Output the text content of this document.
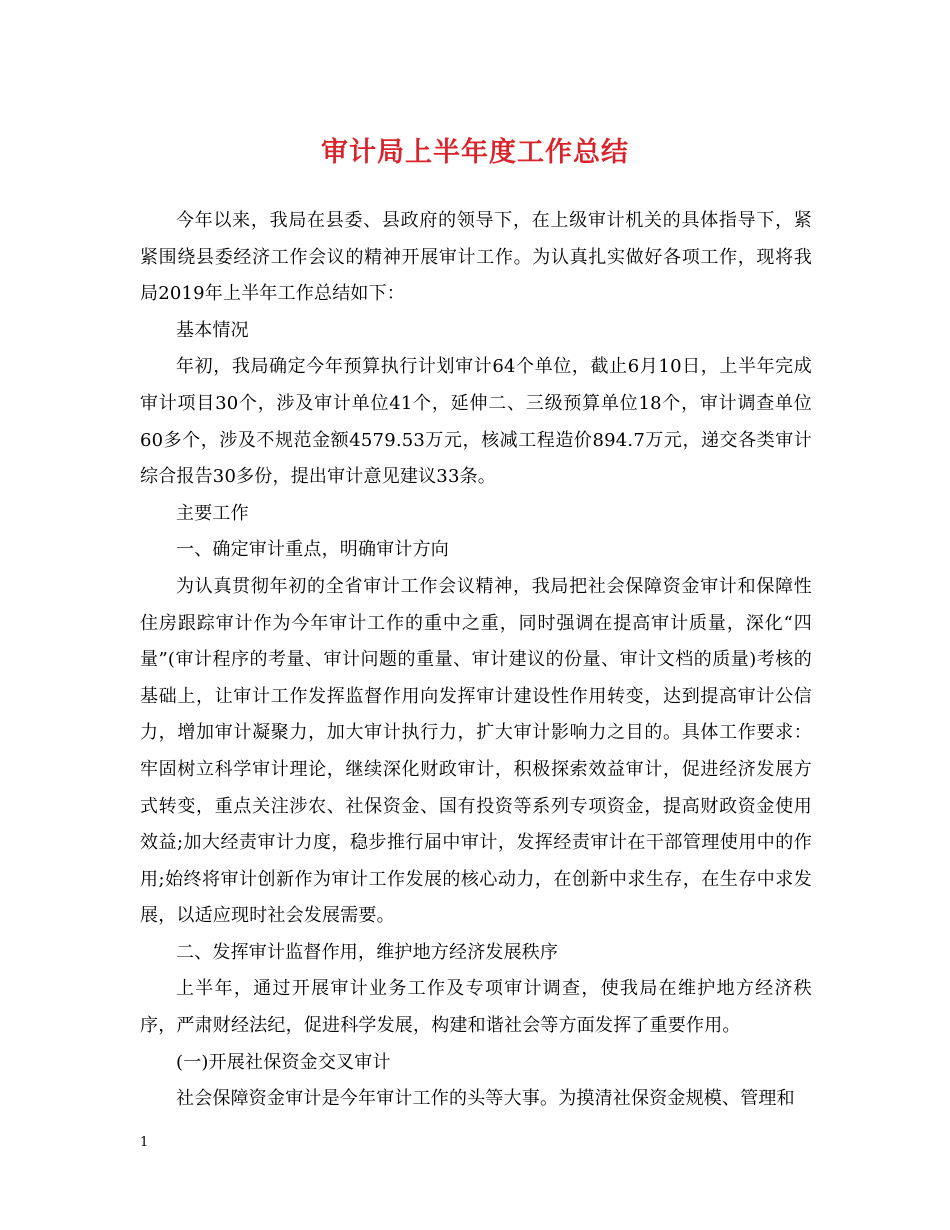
审计局上半年度工作总结

今年以来，我局在县委、县政府的领导下，在上级审计机关的具体指导下，紧紧围绕县委经济工作会议的精神开展审计工作。为认真扎实做好各项工作，现将我局2019年上半年工作总结如下：

基本情况

年初，我局确定今年预算执行计划审计64个单位，截止6月10日，上半年完成审计项目30个，涉及审计单位41个，延伸二、三级预算单位18个，审计调查单位60多个，涉及不规范金额4579.53万元，核减工程造价894.7万元，递交各类审计综合报告30多份，提出审计意见建议33条。

主要工作

一、确定审计重点，明确审计方向

为认真贯彻年初的全省审计工作会议精神，我局把社会保障资金审计和保障性住房跟踪审计作为今年审计工作的重中之重，同时强调在提高审计质量，深化“四量”(审计程序的考量、审计问题的重量、审计建议的份量、审计文档的质量)考核的基础上，让审计工作发挥监督作用向发挥审计建设性作用转变，达到提高审计公信力，增加审计凝聚力，加大审计执行力，扩大审计影响力之目的。具体工作要求：牢固树立科学审计理论，继续深化财政审计，积极探索效益审计，促进经济发展方式转变，重点关注涉农、社保资金、国有投资等系列专项资金，提高财政资金使用效益;加大经责审计力度，稳步推行届中审计，发挥经责审计在干部管理使用中的作用;始终将审计创新作为审计工作发展的核心动力，在创新中求生存，在生存中求发展，以适应现时社会发展需要。

二、发挥审计监督作用，维护地方经济发展秩序

上半年，通过开展审计业务工作及专项审计调查，使我局在维护地方经济秩序，严肃财经法纪，促进科学发展，构建和谐社会等方面发挥了重要作用。

(一)开展社保资金交叉审计

社会保障资金审计是今年审计工作的头等大事。为摸清社保资金规模、管理和

1
